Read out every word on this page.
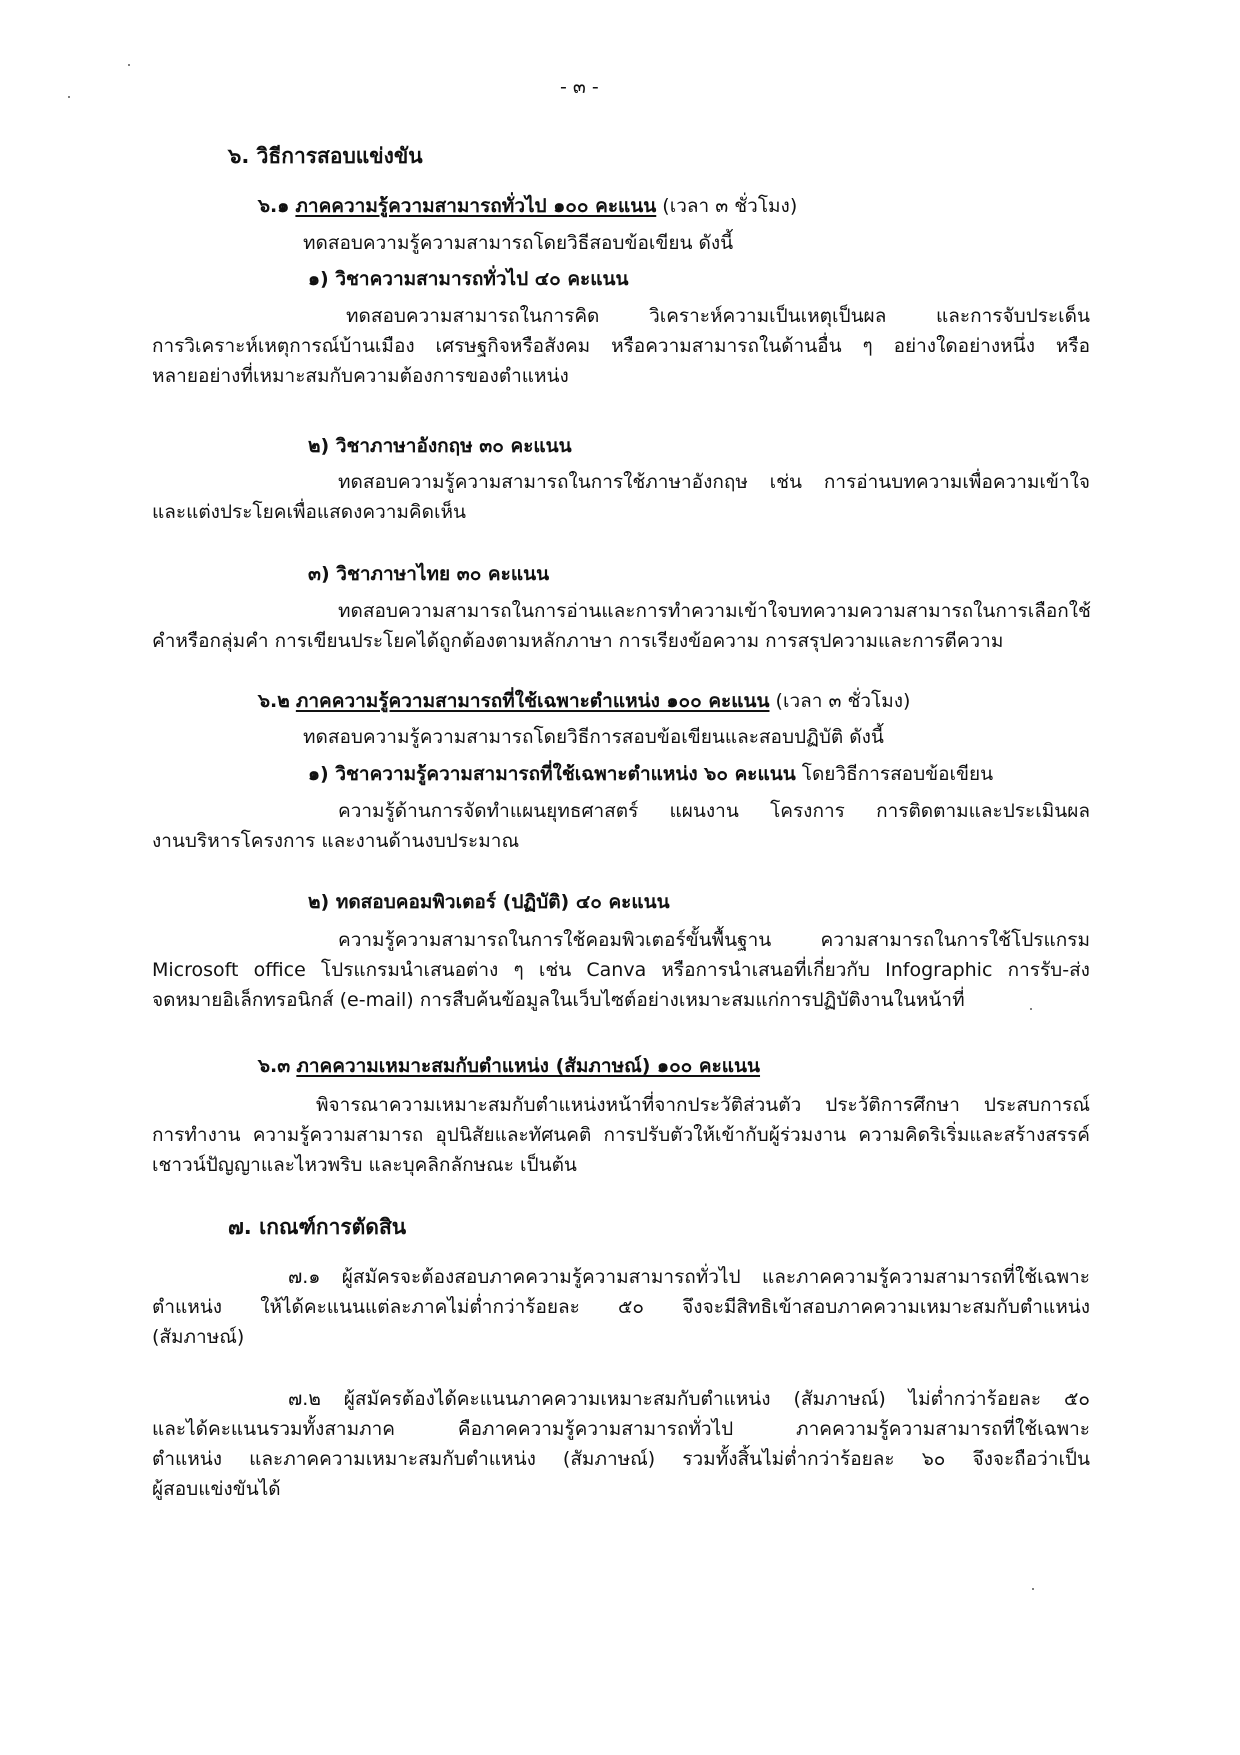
- ๓ -
๖. วิธีการสอบแข่งขัน
๖.๑ ภาคความรู้ความสามารถทั่วไป ๑๐๐ คะแนน (เวลา ๓ ชั่วโมง)
ทดสอบความรู้ความสามารถโดยวิธีสอบข้อเขียน ดังนี้
๑) วิชาความสามารถทั่วไป ๔๐ คะแนน
ทดสอบความสามารถในการคิด	วิเคราะห์ความเป็นเหตุเป็นผล	และการจับประเด็น
การวิเคราะห์เหตุการณ์บ้านเมือง เศรษฐกิจหรือสังคม หรือความสามารถในด้านอื่น ๆ อย่างใดอย่างหนึ่ง หรือ
หลายอย่างที่เหมาะสมกับความต้องการของตำแหน่ง
๒) วิชาภาษาอังกฤษ ๓๐ คะแนน
ทดสอบความรู้ความสามารถในการใช้ภาษาอังกฤษ เช่น การอ่านบทความเพื่อความเข้าใจ
และแต่งประโยคเพื่อแสดงความคิดเห็น
๓) วิชาภาษาไทย ๓๐ คะแนน
ทดสอบความสามารถในการอ่านและการทำความเข้าใจบทความ ความสามารถในการเลือกใช้
คำหรือกลุ่มคำ การเขียนประโยคได้ถูกต้องตามหลักภาษา การเรียงข้อความ การสรุปความและการตีความ
๖.๒ ภาคความรู้ความสามารถที่ใช้เฉพาะตำแหน่ง ๑๐๐ คะแนน (เวลา ๓ ชั่วโมง)
ทดสอบความรู้ความสามารถโดยวิธีการสอบข้อเขียนและสอบปฏิบัติ ดังนี้
๑) วิชาความรู้ความสามารถที่ใช้เฉพาะตำแหน่ง ๖๐ คะแนน โดยวิธีการสอบข้อเขียน
ความรู้ด้านการจัดทำแผนยุทธศาสตร์ แผนงาน โครงการ การติดตามและประเมินผล
งานบริหารโครงการ และงานด้านงบประมาณ
๒) ทดสอบคอมพิวเตอร์ (ปฏิบัติ) ๔๐ คะแนน
ความรู้ความสามารถในการใช้คอมพิวเตอร์ขั้นพื้นฐาน	ความสามารถในการใช้โปรแกรม
Microsoft office โปรแกรมนำเสนอต่าง ๆ เช่น Canva หรือการนำเสนอที่เกี่ยวกับ Infographic การรับ-ส่ง
จดหมายอิเล็กทรอนิกส์ (e-mail) การสืบค้นข้อมูลในเว็บไซต์อย่างเหมาะสมแก่การปฏิบัติงานในหน้าที่
๖.๓ ภาคความเหมาะสมกับตำแหน่ง (สัมภาษณ์) ๑๐๐ คะแนน
พิจารณาความเหมาะสมกับตำแหน่งหน้าที่จากประวัติส่วนตัว ประวัติการศึกษา ประสบการณ์
การทำงาน ความรู้ความสามารถ อุปนิสัยและทัศนคติ การปรับตัวให้เข้ากับผู้ร่วมงาน ความคิดริเริ่มและสร้างสรรค์
เชาวน์ปัญญาและไหวพริบ และบุคลิกลักษณะ เป็นต้น
๗. เกณฑ์การตัดสิน
๗.๑ ผู้สมัครจะต้องสอบภาคความรู้ความสามารถทั่วไป และภาคความรู้ความสามารถที่ใช้เฉพาะ
ตำแหน่ง ให้ได้คะแนนแต่ละภาคไม่ต่ำกว่าร้อยละ ๕๐ จึงจะมีสิทธิเข้าสอบภาคความเหมาะสมกับตำแหน่ง
(สัมภาษณ์)
๗.๒ ผู้สมัครต้องได้คะแนนภาคความเหมาะสมกับตำแหน่ง (สัมภาษณ์) ไม่ต่ำกว่าร้อยละ ๕๐
และได้คะแนนรวมทั้งสามภาค	คือภาคความรู้ความสามารถทั่วไป	ภาคความรู้ความสามารถที่ใช้เฉพาะ
ตำแหน่ง และภาคความเหมาะสมกับตำแหน่ง (สัมภาษณ์) รวมทั้งสิ้นไม่ต่ำกว่าร้อยละ ๖๐ จึงจะถือว่าเป็น
ผู้สอบแข่งขันได้
